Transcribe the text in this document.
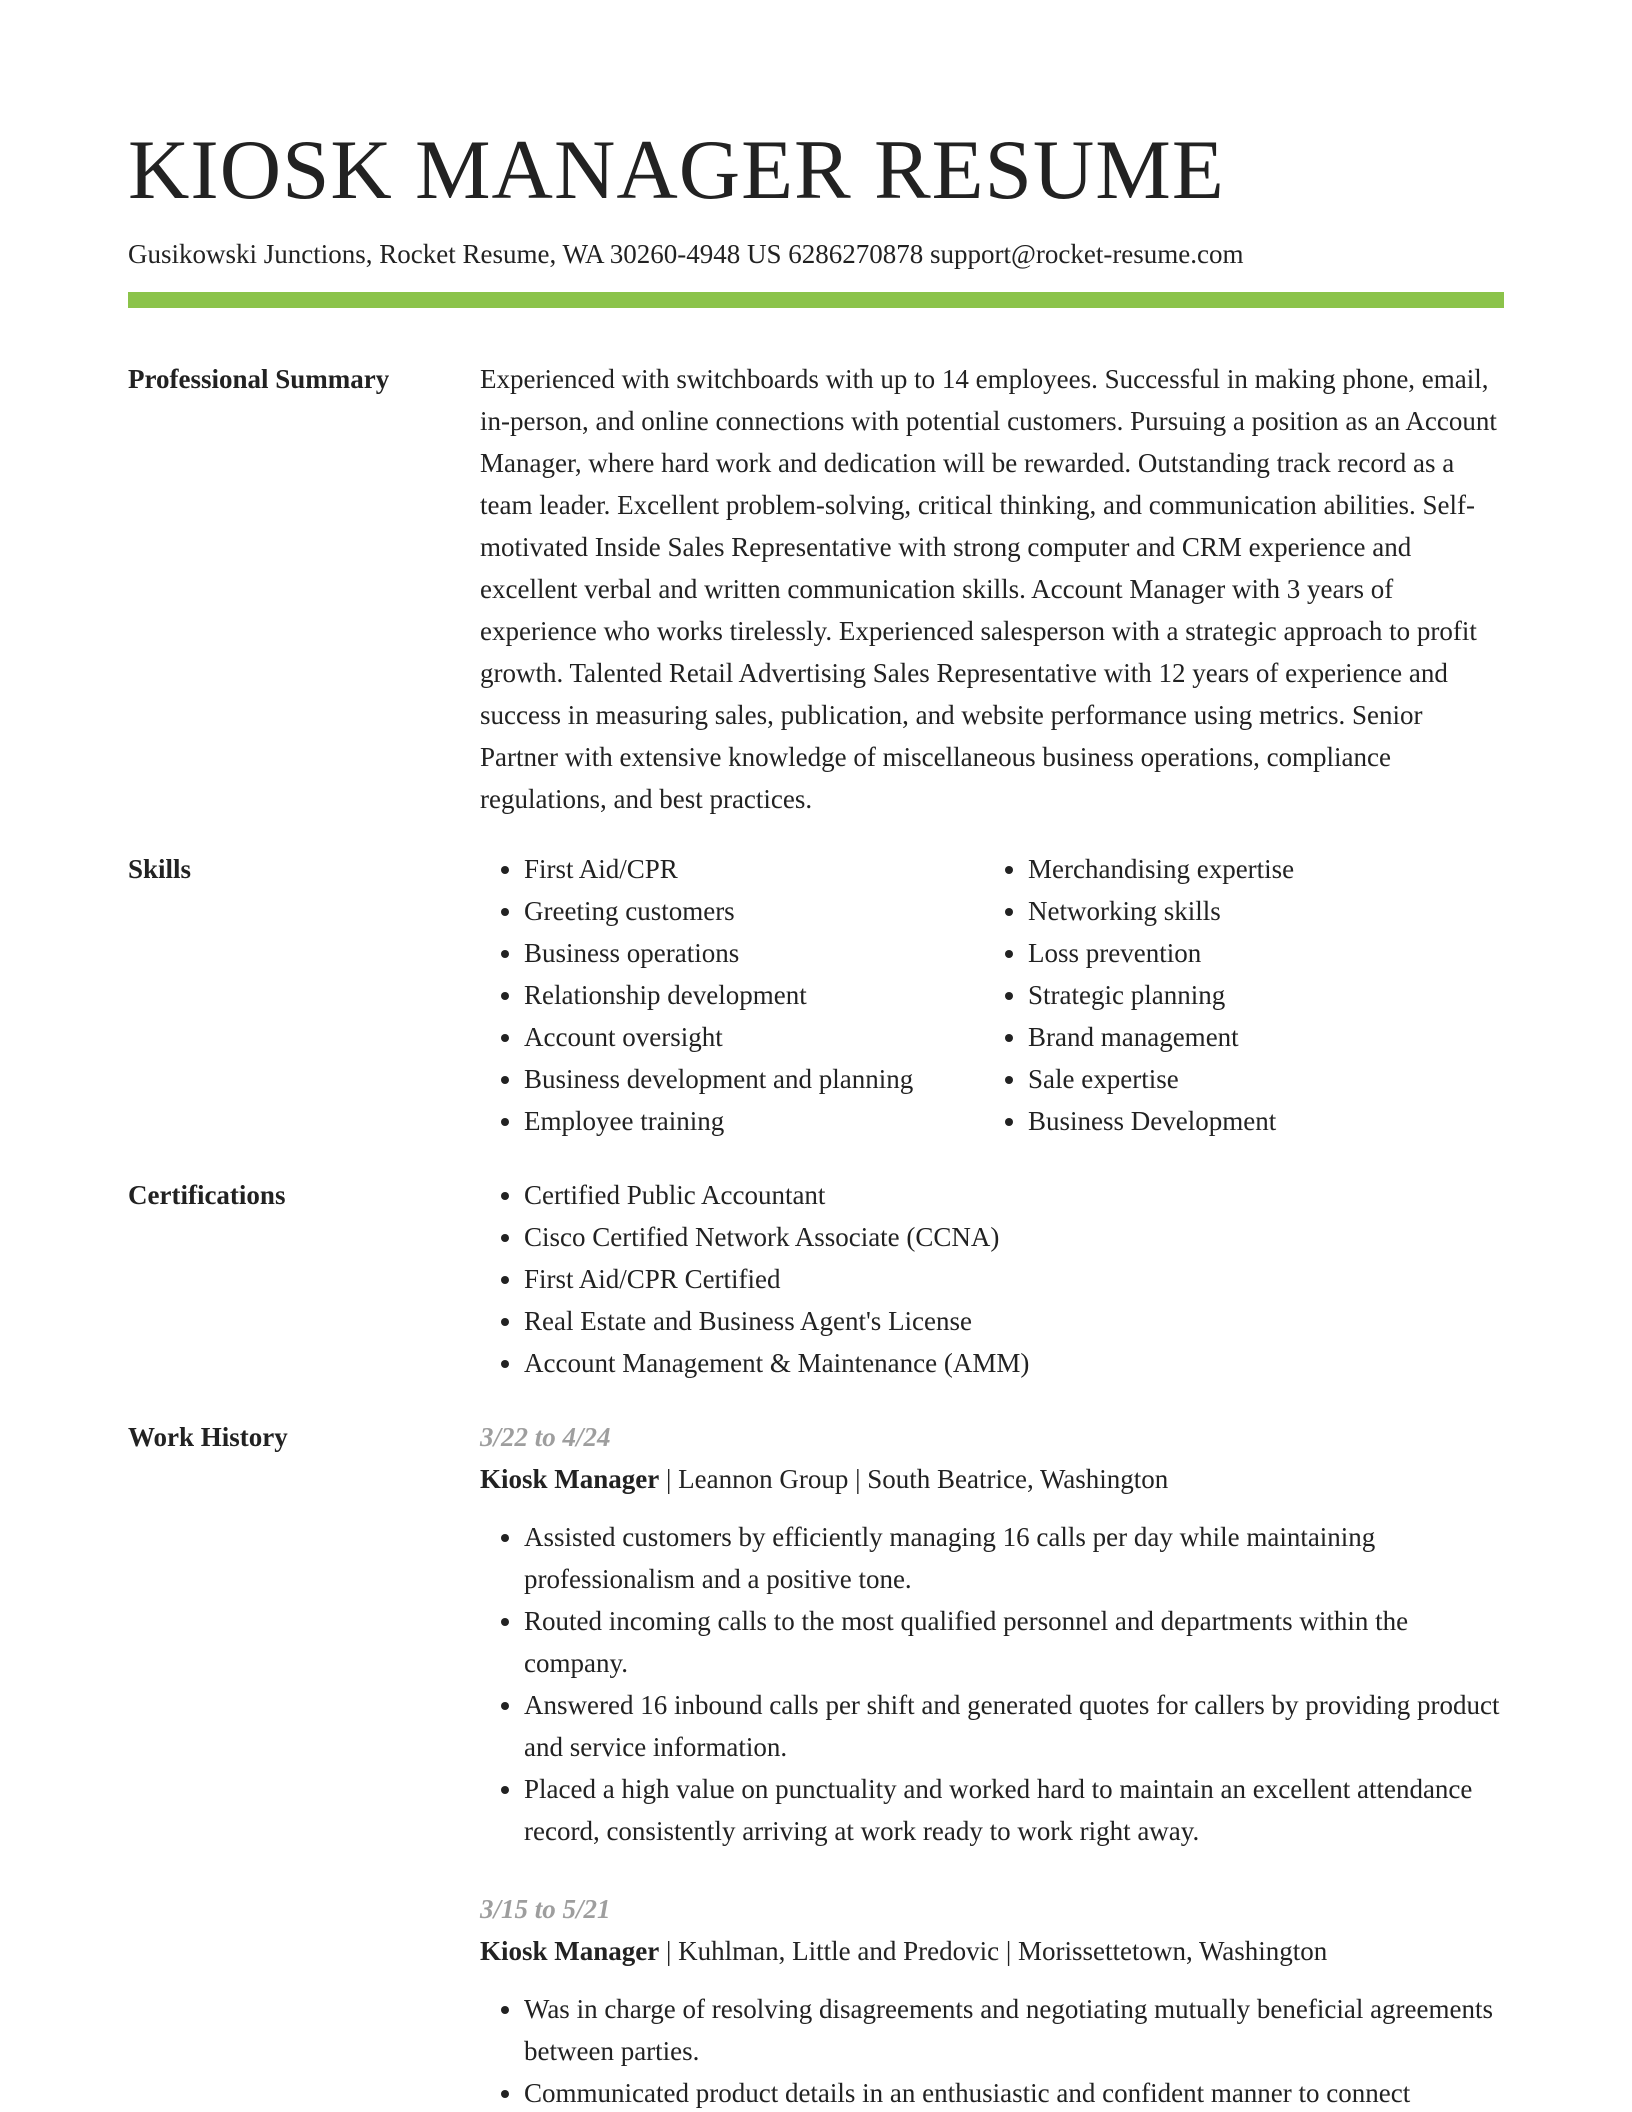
KIOSK MANAGER RESUME
Gusikowski Junctions, Rocket Resume, WA 30260-4948 US 6286270878 support@rocket-resume.com
Professional Summary	Experienced with switchboards with up to 14 employees. Successful in making phone, email, in-person, and online connections with potential customers. Pursuing a position as an Account Manager, where hard work and dedication will be rewarded. Outstanding track record as a team leader. Excellent problem-solving, critical thinking, and communication abilities. Self-motivated Inside Sales Representative with strong computer and CRM experience and excellent verbal and written communication skills. Account Manager with 3 years of experience who works tirelessly. Experienced salesperson with a strategic approach to profit growth. Talented Retail Advertising Sales Representative with 12 years of experience and success in measuring sales, publication, and website performance using metrics. Senior Partner with extensive knowledge of miscellaneous business operations, compliance regulations, and best practices.

Skills	• First Aid/CPR
• Greeting customers
• Business operations
• Relationship development
• Account oversight
• Business development and planning
• Employee training
• Merchandising expertise
• Networking skills
• Loss prevention
• Strategic planning
• Brand management
• Sale expertise
• Business Development
Certifications	• Certified Public Accountant
• Cisco Certified Network Associate (CCNA)
• First Aid/CPR Certified
• Real Estate and Business Agent's License
• Account Management & Maintenance (AMM)
Work History	3/22 to 4/24
Kiosk Manager | Leannon Group | South Beatrice, Washington
• Assisted customers by efficiently managing 16 calls per day while maintaining professionalism and a positive tone.
• Routed incoming calls to the most qualified personnel and departments within the company.
• Answered 16 inbound calls per shift and generated quotes for callers by providing product and service information.
• Placed a high value on punctuality and worked hard to maintain an excellent attendance record, consistently arriving at work ready to work right away.
3/15 to 5/21
Kiosk Manager | Kuhlman, Little and Predovic | Morissettetown, Washington
• Was in charge of resolving disagreements and negotiating mutually beneficial agreements between parties.
• Communicated product details in an enthusiastic and confident manner to connect
